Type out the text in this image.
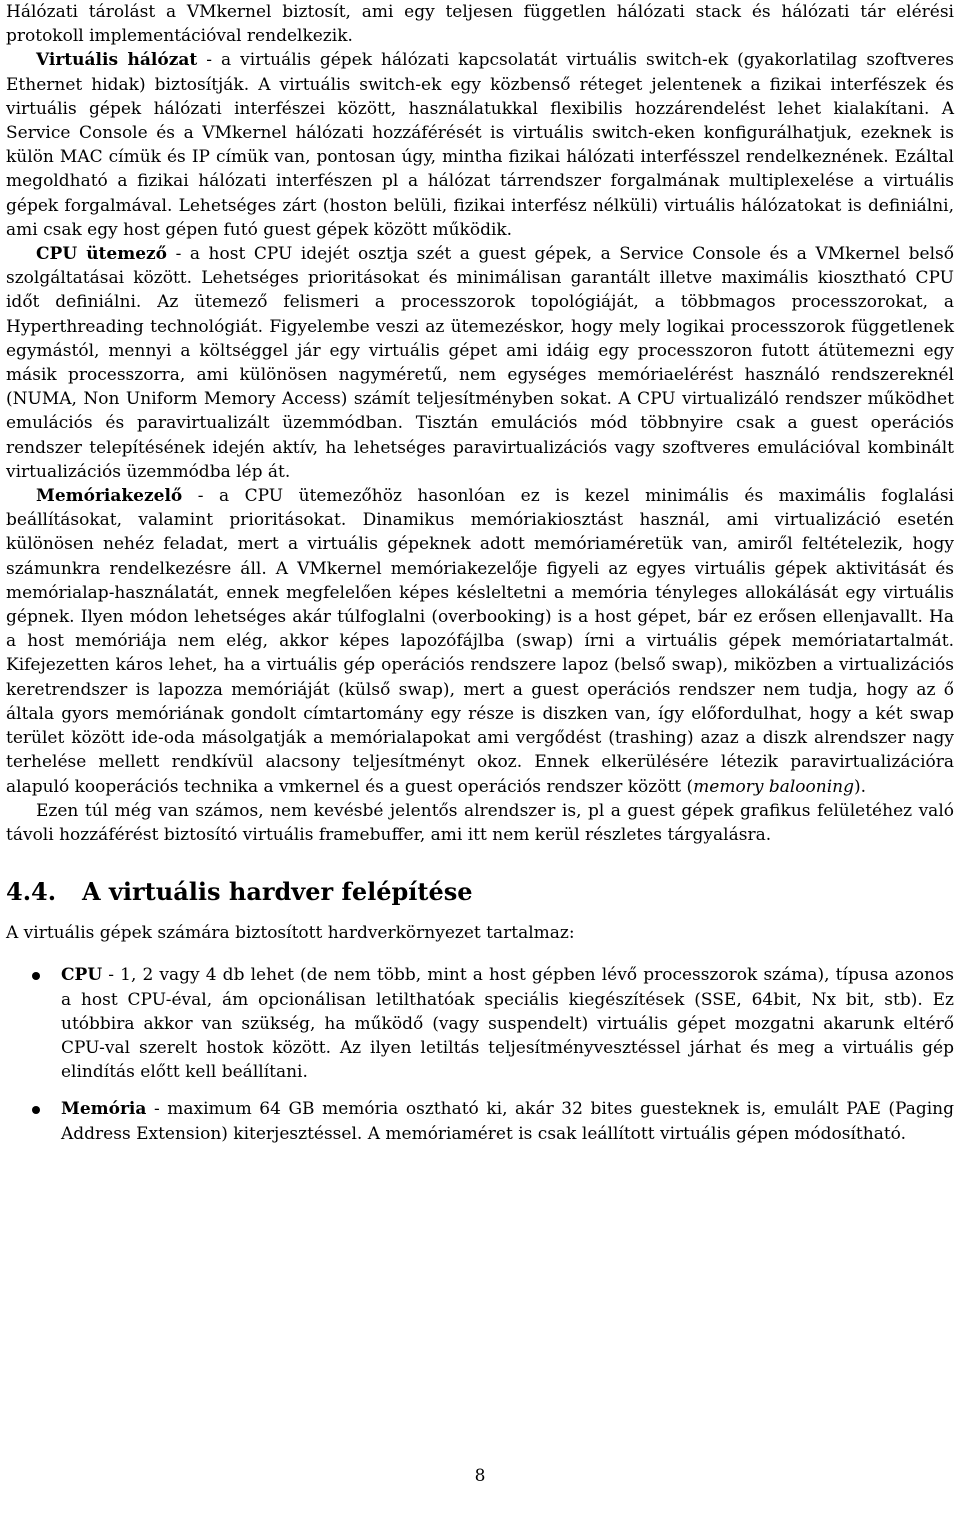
Hálózati tárolást a VMkernel biztosít, ami egy teljesen független hálózati stack és hálózati tár elérési protokoll implementációval rendelkezik.

Virtuális hálózat - a virtuális gépek hálózati kapcsolatát virtuális switch-ek (gyakorlatilag szoftveres Ethernet hidak) biztosítják. A virtuális switch-ek egy közbenső réteget jelentenek a fizikai interfészek és virtuális gépek hálózati interfészei között, használatukkal flexibilis hozzárendelést lehet kialakítani. A Service Console és a VMkernel hálózati hozzáférését is virtuális switch-eken konfigurálhatjuk, ezeknek is külön MAC címük és IP címük van, pontosan úgy, mintha fizikai hálózati interfésszel rendelkeznének. Ezáltal megoldható a fizikai hálózati interfészen pl a hálózat tárrendszer forgalmának multiplexelése a virtuális gépek forgalmával. Lehetséges zárt (hoston belüli, fizikai interfész nélküli) virtuális hálózatokat is definiálni, ami csak egy host gépen futó guest gépek között működik.

CPU ütemező - a host CPU idejét osztja szét a guest gépek, a Service Console és a VMkernel belső szolgáltatásai között. Lehetséges prioritásokat és minimálisan garantált illetve maximális kiosztható CPU időt definiálni. Az ütemező felismeri a processzorok topológiáját, a többmagos processzorokat, a Hyperthreading technológiát. Figyelembe veszi az ütemezéskor, hogy mely logikai processzorok függetlenek egymástól, mennyi a költséggel jár egy virtuális gépet ami idáig egy processzoron futott átütemezni egy másik processzorra, ami különösen nagyméretű, nem egységes memóriaelérést használó rendszereknél (NUMA, Non Uniform Memory Access) számít teljesítményben sokat. A CPU virtualizáló rendszer működhet emulációs és paravirtualizált üzemmódban. Tisztán emulációs mód többnyire csak a guest operációs rendszer telepítésének idején aktív, ha lehetséges paravirtualizációs vagy szoftveres emulációval kombinált virtualizációs üzemmódba lép át.

Memóriakezelő - a CPU ütemezőhöz hasonlóan ez is kezel minimális és maximális foglalási beállításokat, valamint prioritásokat. Dinamikus memóriakiosztást használ, ami virtualizáció esetén különösen nehéz feladat, mert a virtuális gépeknek adott memóriaméretük van, amiről feltételezik, hogy számunkra rendelkezésre áll. A VMkernel memóriakezelője figyeli az egyes virtuális gépek aktivitását és memórialap-használatát, ennek megfelelően képes késleltetni a memória tényleges allokálását egy virtuális gépnek. Ilyen módon lehetséges akár túlfoglalni (overbooking) is a host gépet, bár ez erősen ellenjavallt. Ha a host memóriája nem elég, akkor képes lapozófájlba (swap) írni a virtuális gépek memóriatartalmát. Kifejezetten káros lehet, ha a virtuális gép operációs rendszere lapoz (belső swap), miközben a virtualizációs keretrendszer is lapozza memóriáját (külső swap), mert a guest operációs rendszer nem tudja, hogy az ő általa gyors memóriának gondolt címtartomány egy része is diszken van, így előfordulhat, hogy a két swap terület között ide-oda másolgatják a memórialapokat ami vergődést (trashing) azaz a diszk alrendszer nagy terhelése mellett rendkívül alacsony teljesítményt okoz. Ennek elkerülésére létezik paravirtualizációra alapuló kooperációs technika a vmkernel és a guest operációs rendszer között (memory balooning).

Ezen túl még van számos, nem kevésbé jelentős alrendszer is, pl a guest gépek grafikus felületéhez való távoli hozzáférést biztosító virtuális framebuffer, ami itt nem kerül részletes tárgyalásra.

4.4. A virtuális hardver felépítése

A virtuális gépek számára biztosított hardverkörnyezet tartalmaz:

CPU - 1, 2 vagy 4 db lehet (de nem több, mint a host gépben lévő processzorok száma), típusa azonos a host CPU-éval, ám opcionálisan letilthatóak speciális kiegészítések (SSE, 64bit, Nx bit, stb). Ez utóbbira akkor van szükség, ha működő (vagy suspendelt) virtuális gépet mozgatni akarunk eltérő CPU-val szerelt hostok között. Az ilyen letiltás teljesítményvesztéssel járhat és meg a virtuális gép elindítás előtt kell beállítani.

Memória - maximum 64 GB memória osztható ki, akár 32 bites guesteknek is, emulált PAE (Paging Address Extension) kiterjesztéssel. A memóriaméret is csak leállított virtuális gépen módosítható.

8
